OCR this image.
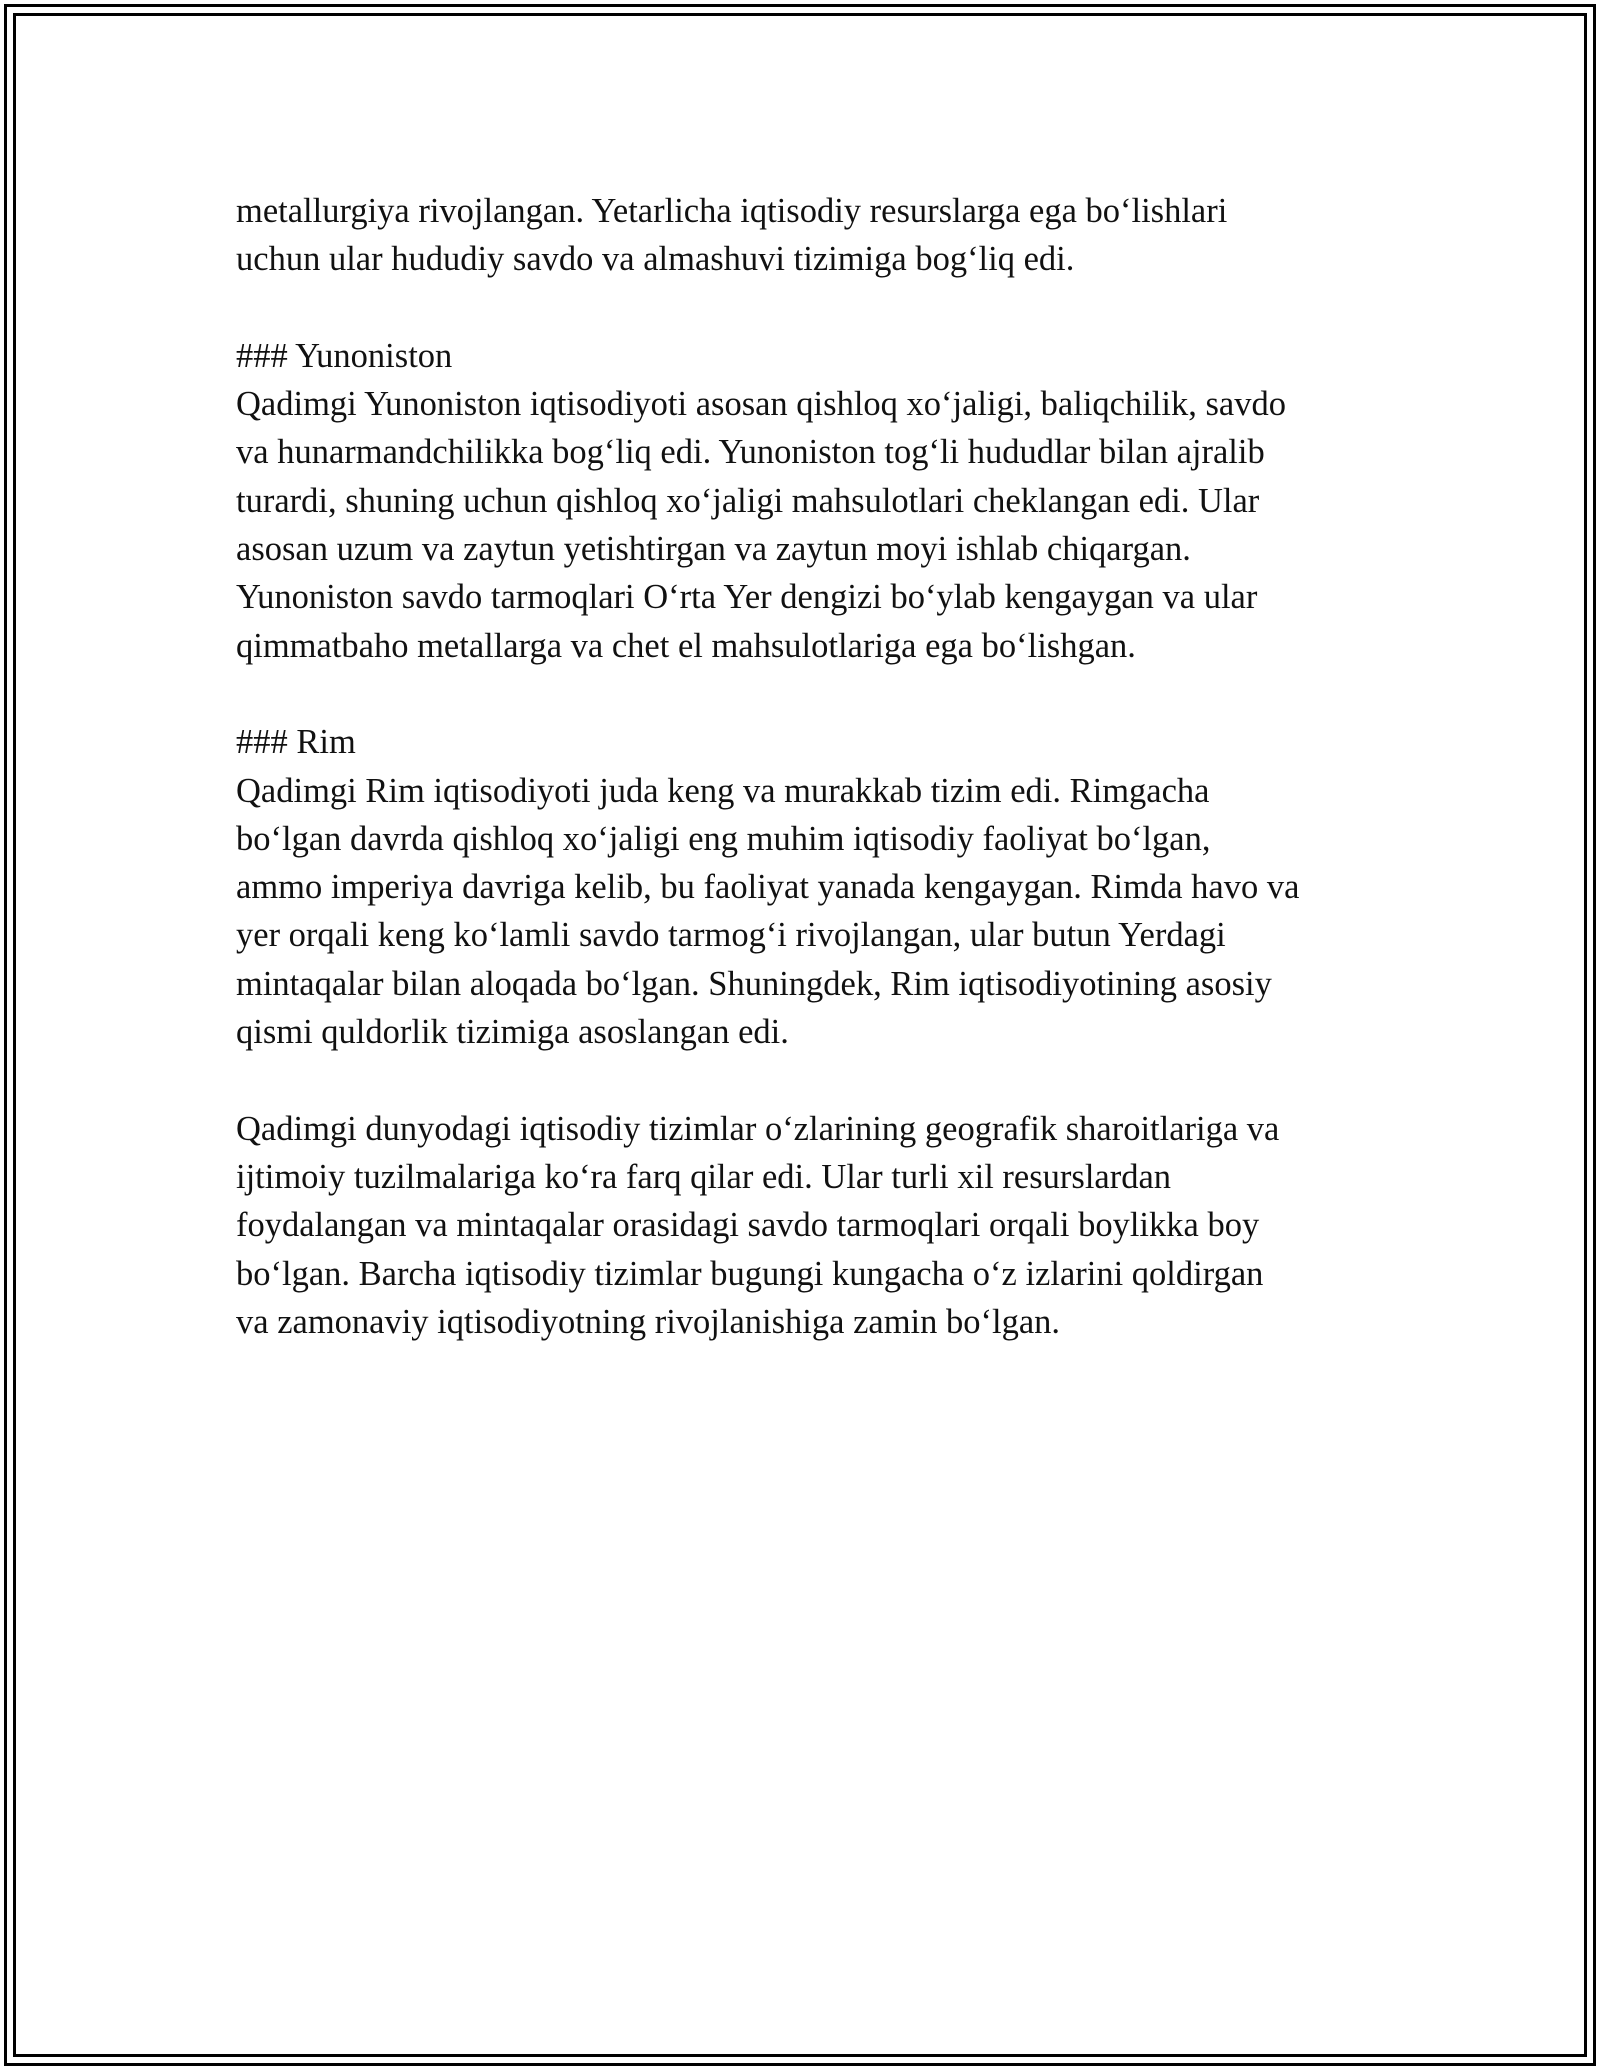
metallurgiya rivojlangan. Yetarlicha iqtisodiy resurslarga ega bo‘lishlari
uchun ular hududiy savdo va almashuvi tizimiga bog‘liq edi.
### Yunoniston
Qadimgi Yunoniston iqtisodiyoti asosan qishloq xo‘jaligi, baliqchilik, savdo
va hunarmandchilikka bog‘liq edi. Yunoniston tog‘li hududlar bilan ajralib
turardi, shuning uchun qishloq xo‘jaligi mahsulotlari cheklangan edi. Ular
asosan uzum va zaytun yetishtirgan va zaytun moyi ishlab chiqargan.
Yunoniston savdo tarmoqlari O‘rta Yer dengizi bo‘ylab kengaygan va ular
qimmatbaho metallarga va chet el mahsulotlariga ega bo‘lishgan.
### Rim
Qadimgi Rim iqtisodiyoti juda keng va murakkab tizim edi. Rimgacha
bo‘lgan davrda qishloq xo‘jaligi eng muhim iqtisodiy faoliyat bo‘lgan,
ammo imperiya davriga kelib, bu faoliyat yanada kengaygan. Rimda havo va
yer orqali keng ko‘lamli savdo tarmog‘i rivojlangan, ular butun Yerdagi
mintaqalar bilan aloqada bo‘lgan. Shuningdek, Rim iqtisodiyotining asosiy
qismi quldorlik tizimiga asoslangan edi.
Qadimgi dunyodagi iqtisodiy tizimlar o‘zlarining geografik sharoitlariga va
ijtimoiy tuzilmalariga ko‘ra farq qilar edi. Ular turli xil resurslardan
foydalangan va mintaqalar orasidagi savdo tarmoqlari orqali boylikka boy
bo‘lgan. Barcha iqtisodiy tizimlar bugungi kungacha o‘z izlarini qoldirgan
va zamonaviy iqtisodiyotning rivojlanishiga zamin bo‘lgan.
